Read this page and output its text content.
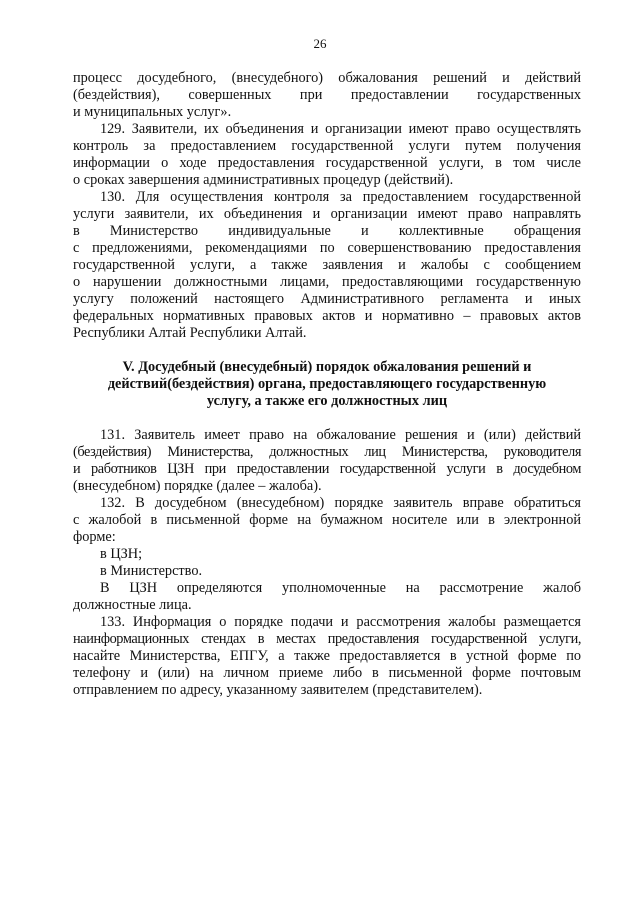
26
процесс досудебного, (внесудебного) обжалования решений и действий
(бездействия), совершенных при предоставлении государственных
и муниципальных услуг».
129. Заявители, их объединения и организации имеют право осуществлять
контроль за предоставлением государственной услуги путем получения
информации о ходе предоставления государственной услуги, в том числе
о сроках завершения административных процедур (действий).
130. Для осуществления контроля за предоставлением государственной
услуги заявители, их объединения и организации имеют право направлять
в Министерство индивидуальные и коллективные обращения
с предложениями, рекомендациями по совершенствованию предоставления
государственной услуги, а также заявления и жалобы с сообщением
о нарушении должностными лицами, предоставляющими государственную
услугу положений настоящего Административного регламента и иных
федеральных нормативных правовых актов и нормативно – правовых актов
Республики Алтай Республики Алтай.
V. Досудебный (внесудебный) порядок обжалования решений и
действий(бездействия) органа, предоставляющего государственную
услугу, а также его должностных лиц
131. Заявитель имеет право на обжалование решения и (или) действий
(бездействия) Министерства, должностных лиц Министерства, руководителя
и работников ЦЗН при предоставлении государственной услуги в досудебном
(внесудебном) порядке (далее – жалоба).
132. В досудебном (внесудебном) порядке заявитель вправе обратиться
с жалобой в письменной форме на бумажном носителе или в электронной
форме:
в ЦЗН;
в Министерство.
В ЦЗН определяются уполномоченные на рассмотрение жалоб
должностные лица.
133. Информация о порядке подачи и рассмотрения жалобы размещается
наинформационных стендах в местах предоставления государственной услуги,
насайте Министерства, ЕПГУ, а также предоставляется в устной форме по
телефону и (или) на личном приеме либо в письменной форме почтовым
отправлением по адресу, указанному заявителем (представителем).
